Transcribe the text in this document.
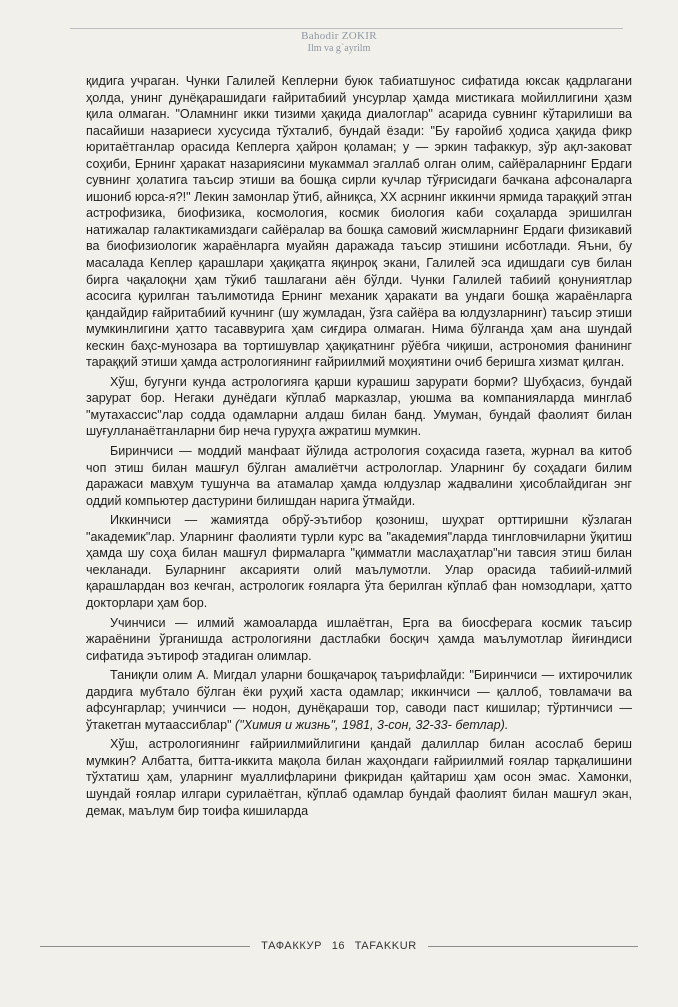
Bahodir ZOKIR
Ilm va g`ayrilm

қидига учраган. Чунки Галилей Кеплерни буюк табиатшунос сифатида юксак қадрлагани ҳолда, унинг дунёқарашидаги ғайритабиий унсурлар ҳамда мистикага мойиллигини ҳазм қила олмаган. "Оламнинг икки тизими ҳақида диалоглар" асарида сувнинг кўтарилиши ва пасайиши назариеси хусусида тўхталиб, бундай ёзади: "Бу ғаройиб ҳодиса ҳақида фикр юритаётганлар орасида Кеплерга ҳайрон қоламан; у — эркин тафаккур, зўр ақл-заковат соҳиби, Ернинг ҳаракат назариясини мукаммал эгаллаб олган олим, сайёраларнинг Ердаги сувнинг ҳолатига таъсир этиши ва бошқа сирли кучлар тўғрисидаги бачкана афсоналарга ишониб юрса-я?!" Лекин замонлар ўтиб, айниқса, ХХ асрнинг иккинчи ярмида тараққий этган астрофизика, биофизика, космология, космик биология каби соҳаларда эришилган натижалар галактикамиздаги сайёралар ва бошқа самовий жисмларнинг Ердаги физикавий ва биофизиологик жараёнларга муайян даражада таъсир этишини исботлади. Яъни, бу масалада Кеплер қарашлари ҳақиқатга яқинроқ экани, Галилей эса идишдаги сув билан бирга чақалоқни ҳам тўкиб ташлагани аён бўлди. Чунки Галилей табиий қонуниятлар асосига қурилган таълимотида Ернинг механик ҳаракати ва ундаги бошқа жараёнларга қандайдир ғайритабиий кучнинг (шу жумладан, ўзга сайёра ва юлдузларнинг) таъсир этиши мумкинлигини ҳатто тасаввурига ҳам сиғдира олмаган. Нима бўлганда ҳам ана шундай кескин баҳс-мунозара ва тортишувлар ҳақиқатнинг рўёбга чиқиши, астрономия фанининг тараққий этиши ҳамда астрологиянинг ғайриилмий моҳиятини очиб беришга хизмат қилган.

Хўш, бугунги кунда астрологияга қарши курашиш зарурати борми? Шубҳасиз, бундай зарурат бор. Негаки дунёдаги кўплаб марказлар, уюшма ва компаниялардa минглаб "мутахассис"лар содда одамларни алдаш билан банд. Умуман, бундай фаолият билан шуғулланаётганларни бир неча гуруҳга ажратиш мумкин.

Биринчиси — моддий манфаат йўлида астрология соҳасида газета, журнал ва китоб чоп этиш билан машғул бўлган амалиётчи астрологлар. Уларнинг бу соҳадаги билим даражаси мавҳум тушунча ва атамалар ҳамда юлдузлар жадвалини ҳисоблайдиган энг оддий компьютер дастурини билишдан нарига ўтмайди.

Иккинчиси — жамиятда обрў-эътибор қозониш, шуҳрат орттиришни кўзлаган "академик"лар. Уларнинг фаолияти турли курс ва "академия"ларда тингловчиларни ўқитиш ҳамда шу соҳа билан машғул фирмаларга "қимматли маслаҳатлар"ни тавсия этиш билан чекланади. Буларнинг аксарияти олий маълумотли. Улар орасида табиий-илмий қарашлардан воз кечган, астрологик ғояларга ўта берилган кўплаб фан номзодлари, ҳатто докторлари ҳам бор.

Учинчиси — илмий жамоаларда ишлаётган, Ерга ва биосферага космик таъсир жараёнини ўрганишда астрологияни дастлабки босқич ҳамда маълумотлар йиғиндиси сифатида эътироф этадиган олимлар.

Таниқли олим А. Мигдал уларни бошқачароқ таърифлайди: "Биринчиси — ихтирочилик дардига мубтало бўлган ёки руҳий хаста одамлар; иккинчиси — қаллоб, товламачи ва афсунгарлар; учинчиси — нодон, дунёқараши тор, саводи паст кишилар; тўртинчиси — ўтакетган мутаассиблар" ("Химия и жизнь", 1981, 3-сон, 32-33- бетлар).

Хўш, астрологиянинг ғайриилмийлигини қандай далиллар билан асослаб бериш мумкин? Албатта, битта-иккита мақола билан жаҳондаги ғайриилмий ғоялар тарқалишини тўхтатиш ҳам, уларнинг муаллифларини фикридан қайтариш ҳам осон эмас. Хамонки, шундай ғоялар илгари сурилаётган, кўплаб одамлар бундай фаолият билан машғул экан, демак, маълум бир тоифа кишиларда

ТАФАККУР 16 TAFAKKUR
